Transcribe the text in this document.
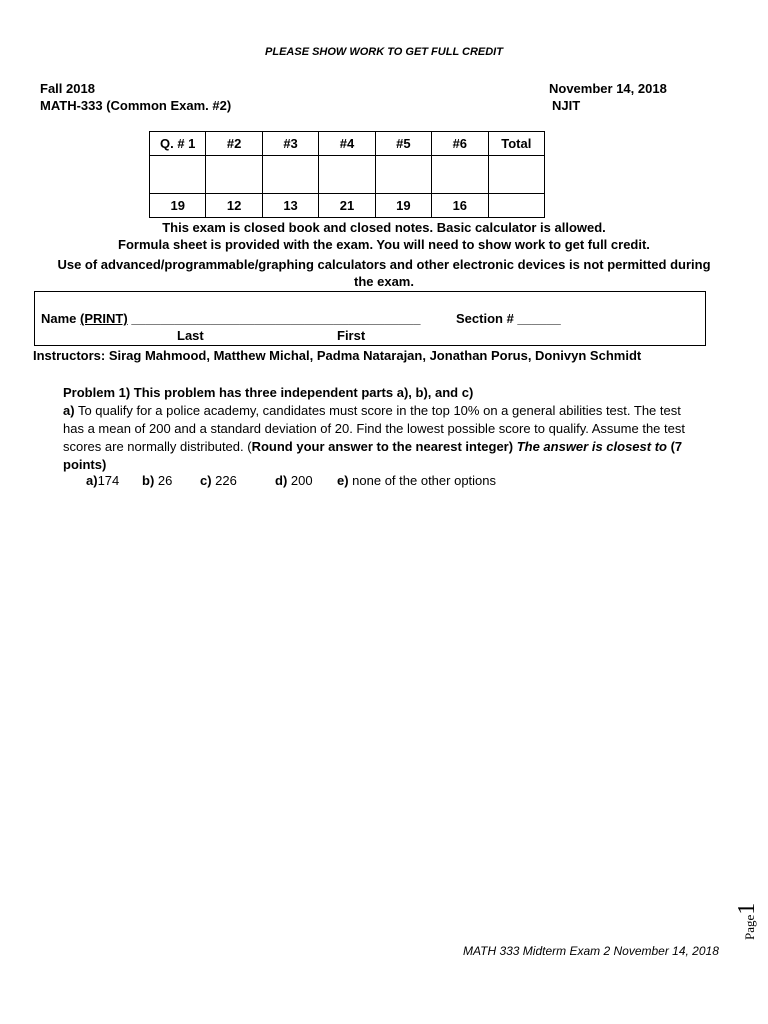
PLEASE SHOW WORK TO GET FULL CREDIT
Fall 2018
MATH-333 (Common Exam. #2)
November 14, 2018
NJIT
Q. # 1	#2	#3	#4	#5	#6	Total

19	12	13	21	19	16	
This exam is closed book and closed notes. Basic calculator is allowed.
Formula sheet is provided with the exam. You will need to show work to get full credit.
Use of advanced/programmable/graphing calculators and other electronic devices is not permitted during
the exam.
Name (PRINT) ________________________________________	Section # ______
Last	First
Instructors: Sirag Mahmood, Matthew Michal, Padma Natarajan, Jonathan Porus, Donivyn Schmidt
Problem 1) This problem has three independent parts a), b), and c)
a) To qualify for a police academy, candidates must score in the top 10% on a general abilities test. The test has a mean of 200 and a standard deviation of 20. Find the lowest possible score to qualify. Assume the test scores are normally distributed. (Round your answer to the nearest integer) The answer is closest to (7 points)
a)174 b) 26 c) 226	d) 200 e) none of the other options
Page1
MATH 333 Midterm Exam 2 November 14, 2018
